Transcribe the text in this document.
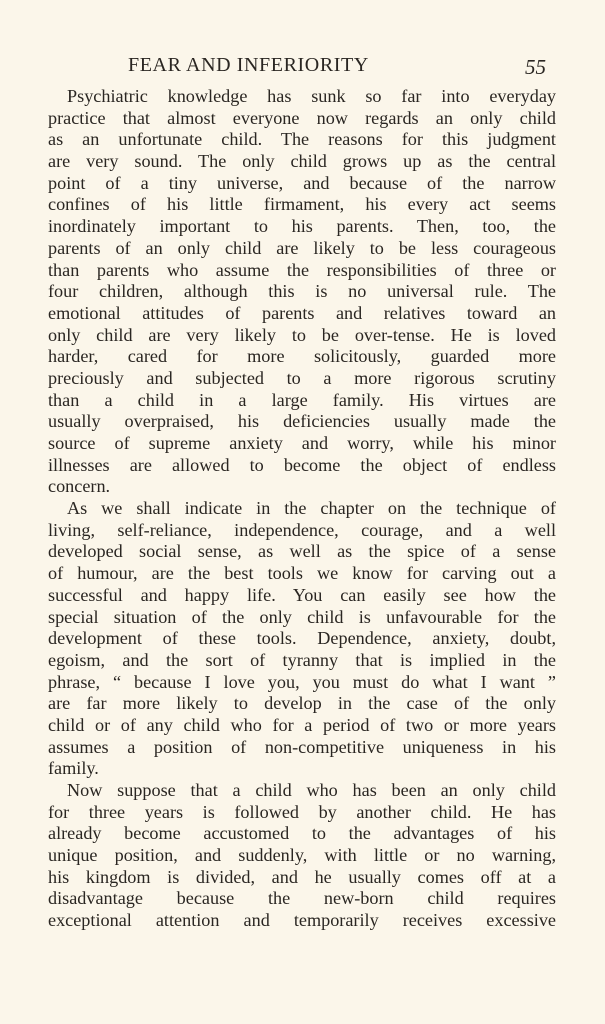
FEAR AND INFERIORITY	55
Psychiatric knowledge has sunk so far into everyday
practice that almost everyone now regards an only child
as an unfortunate child. The reasons for this judgment
are very sound. The only child grows up as the central
point of a tiny universe, and because of the narrow
confines of his little firmament, his every act seems
inordinately important to his parents. Then, too, the
parents of an only child are likely to be less courageous
than parents who assume the responsibilities of three or
four children, although this is no universal rule. The
emotional attitudes of parents and relatives toward an
only child are very likely to be over-tense. He is loved
harder, cared for more solicitously, guarded more
preciously and subjected to a more rigorous scrutiny
than a child in a large family. His virtues are
usually overpraised, his deficiencies usually made the
source of supreme anxiety and worry, while his minor
illnesses are allowed to become the object of endless
concern.
As we shall indicate in the chapter on the technique of
living, self-reliance, independence, courage, and a well
developed social sense, as well as the spice of a sense
of humour, are the best tools we know for carving out a
successful and happy life. You can easily see how the
special situation of the only child is unfavourable for the
development of these tools. Dependence, anxiety, doubt,
egoism, and the sort of tyranny that is implied in the
phrase, “ because I love you, you must do what I want ”
are far more likely to develop in the case of the only
child or of any child who for a period of two or more years
assumes a position of non-competitive uniqueness in his
family.
Now suppose that a child who has been an only child
for three years is followed by another child. He has
already become accustomed to the advantages of his
unique position, and suddenly, with little or no warning,
his kingdom is divided, and he usually comes off at a
disadvantage because the new-born child requires
exceptional attention and temporarily receives excessive
